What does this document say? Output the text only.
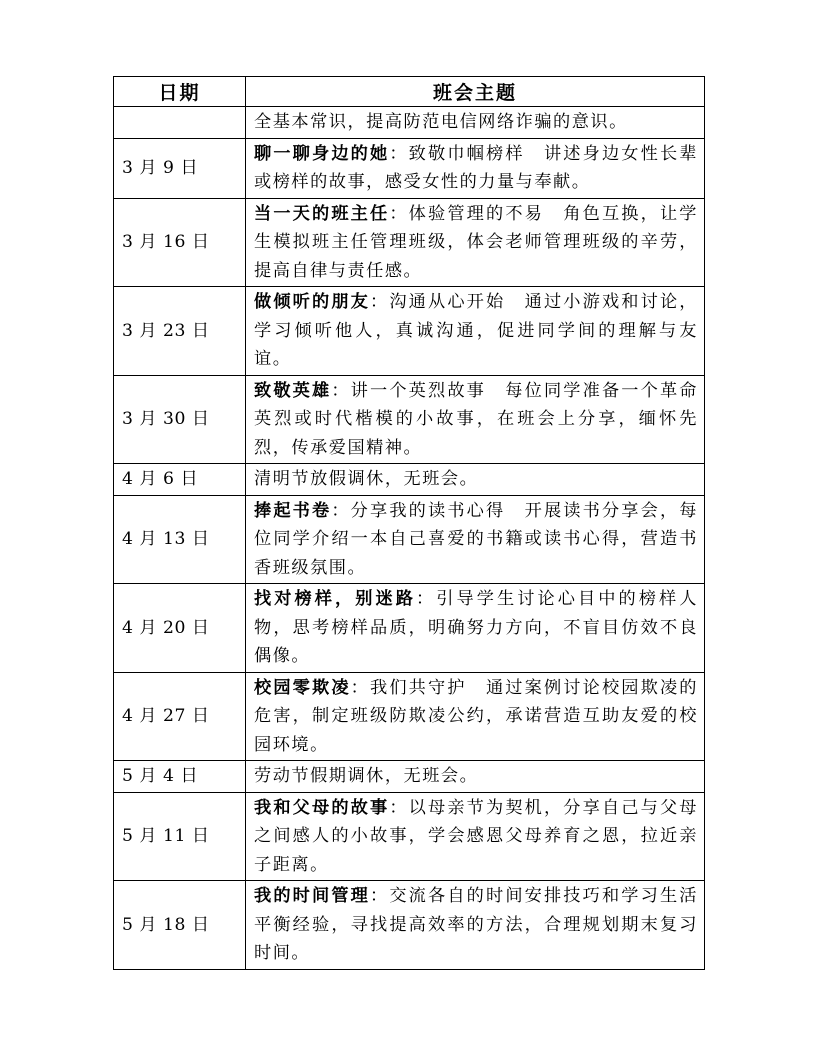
日期	班会主题
	全基本常识，提高防范电信网络诈骗的意识。
3 月 9 日	聊一聊身边的她：致敬巾帼榜样　讲述身边女性长辈或榜样的故事，感受女性的力量与奉献。
3 月 16 日	当一天的班主任：体验管理的不易　角色互换，让学生模拟班主任管理班级，体会老师管理班级的辛劳，提高自律与责任感。
3 月 23 日	做倾听的朋友：沟通从心开始　通过小游戏和讨论，学习倾听他人，真诚沟通，促进同学间的理解与友谊。
3 月 30 日	致敬英雄：讲一个英烈故事　每位同学准备一个革命英烈或时代楷模的小故事，在班会上分享，缅怀先烈，传承爱国精神。
4 月 6 日	清明节放假调休，无班会。
4 月 13 日	捧起书卷：分享我的读书心得　开展读书分享会，每位同学介绍一本自己喜爱的书籍或读书心得，营造书香班级氛围。
4 月 20 日	找对榜样，别迷路：引导学生讨论心目中的榜样人物，思考榜样品质，明确努力方向，不盲目仿效不良偶像。
4 月 27 日	校园零欺凌：我们共守护　通过案例讨论校园欺凌的危害，制定班级防欺凌公约，承诺营造互助友爱的校园环境。
5 月 4 日	劳动节假期调休，无班会。
5 月 11 日	我和父母的故事：以母亲节为契机，分享自己与父母之间感人的小故事，学会感恩父母养育之恩，拉近亲子距离。
5 月 18 日	我的时间管理：交流各自的时间安排技巧和学习生活平衡经验，寻找提高效率的方法，合理规划期末复习时间。
